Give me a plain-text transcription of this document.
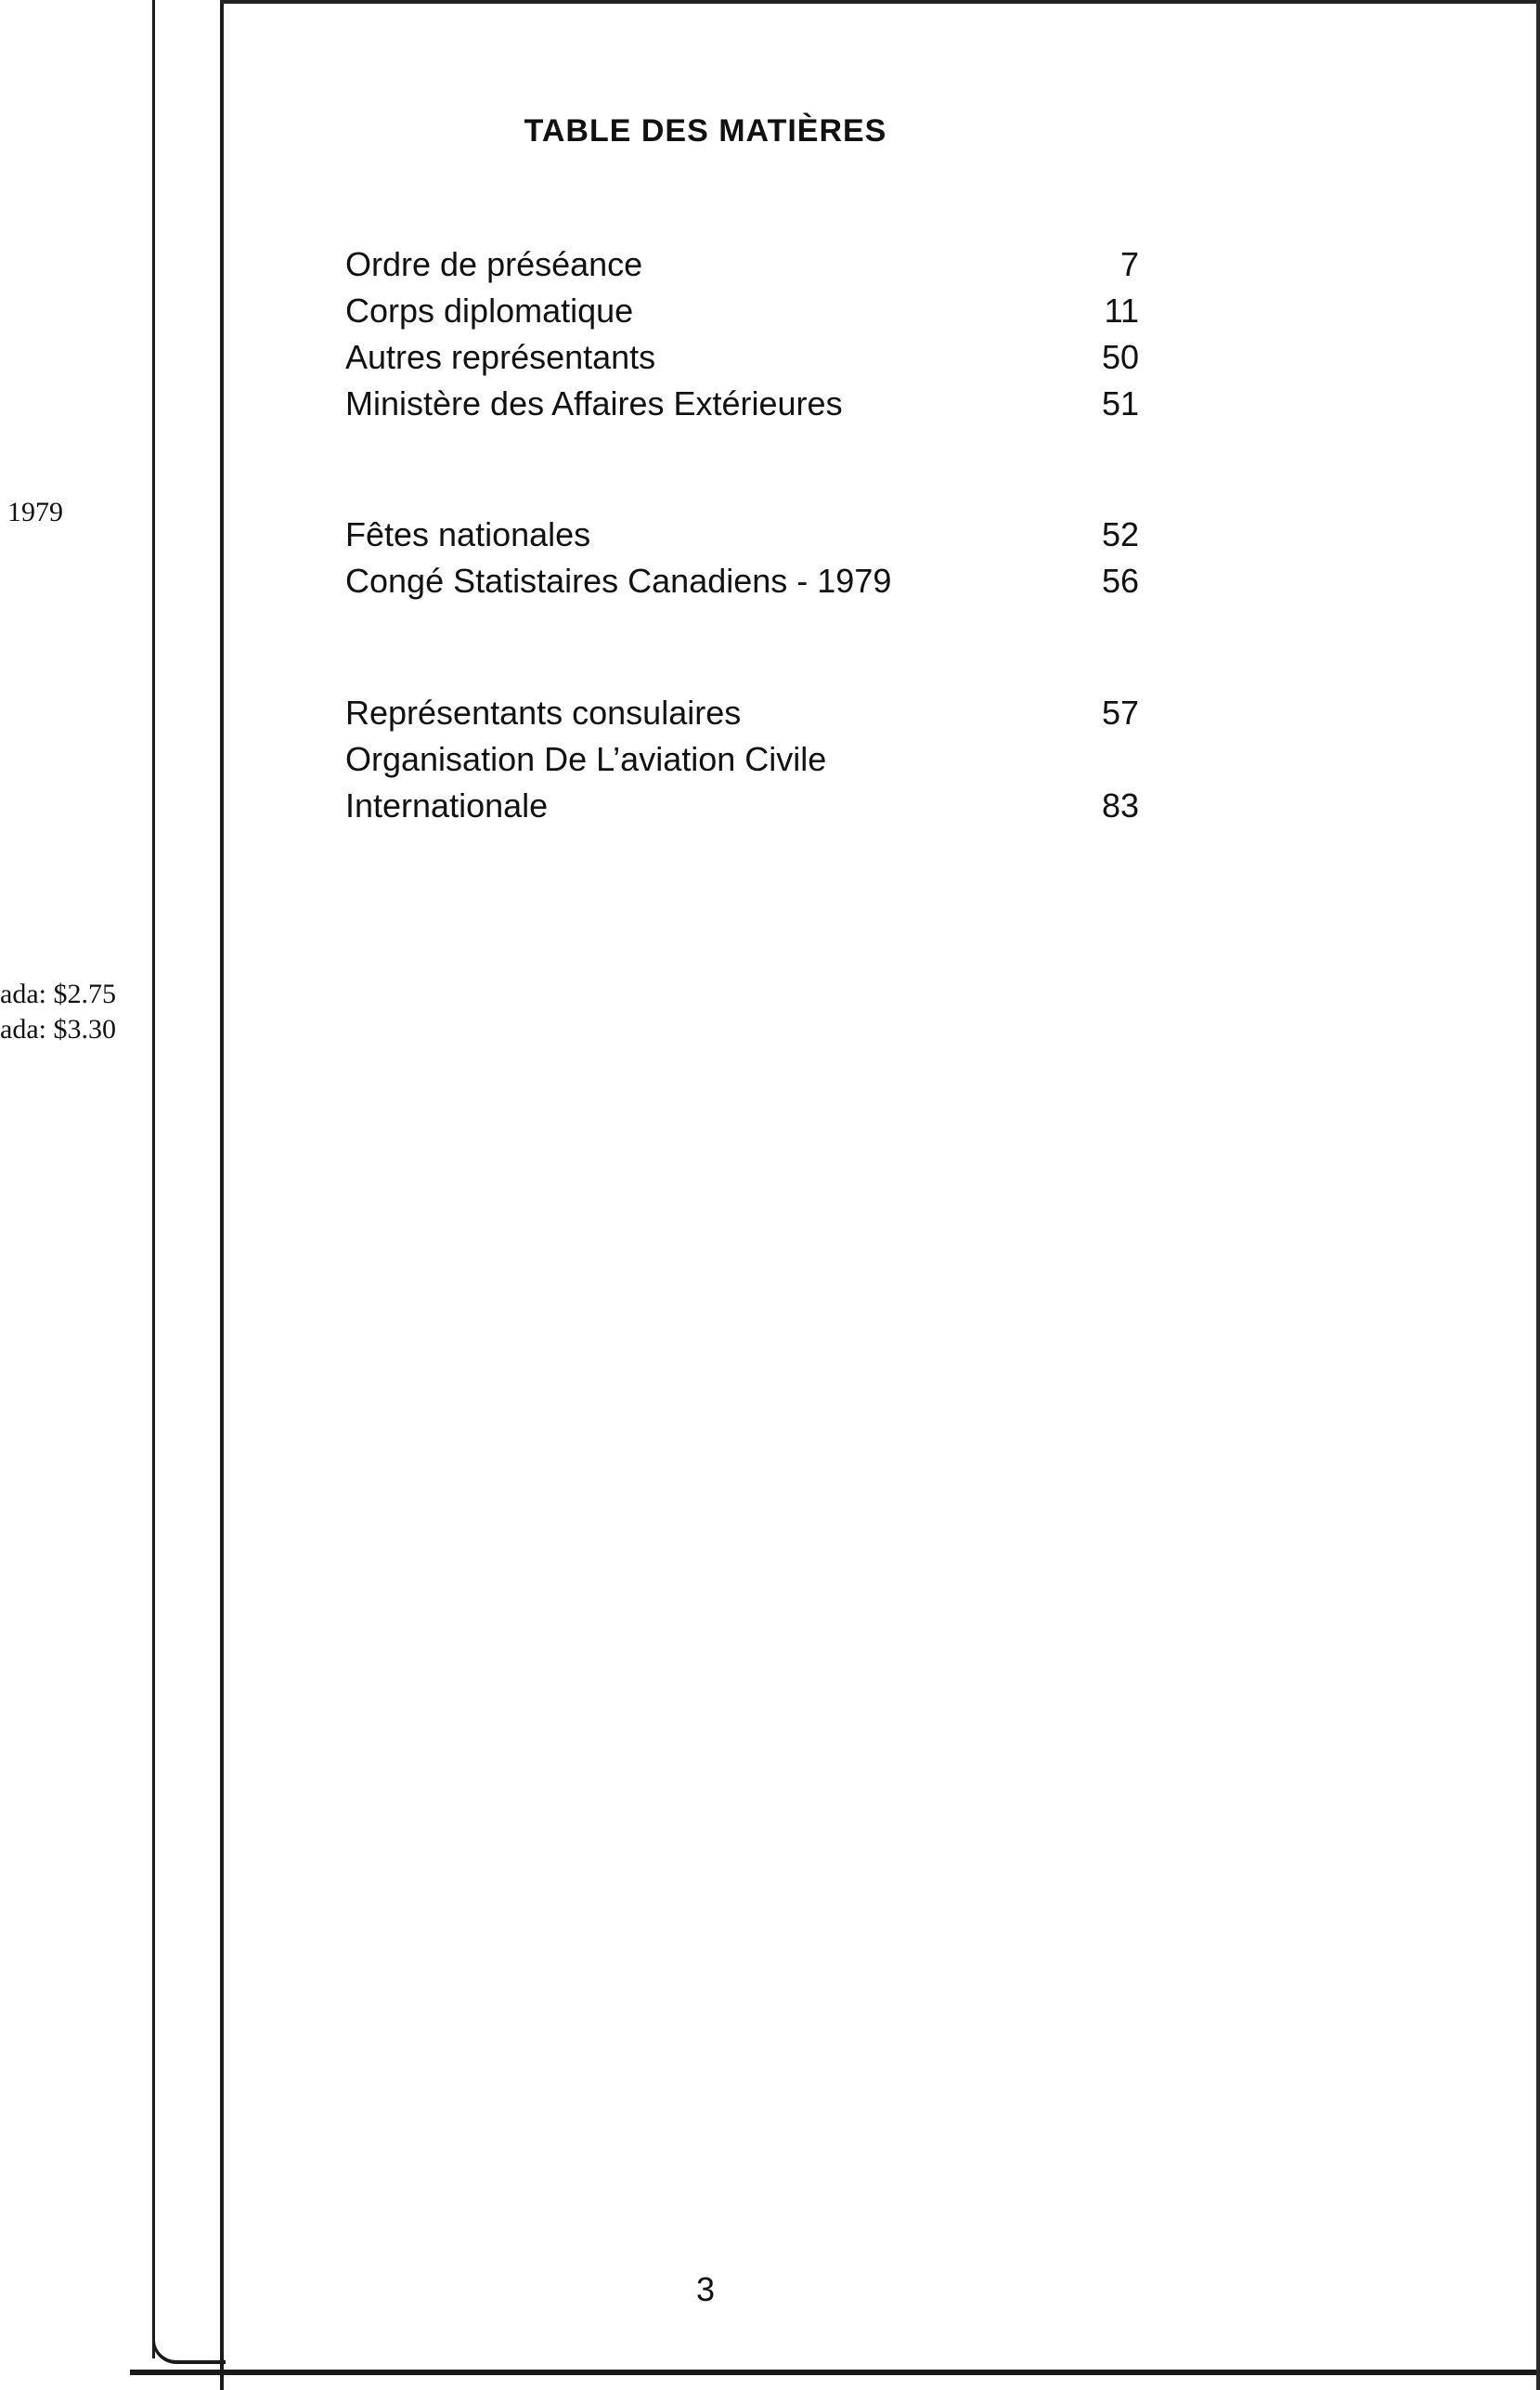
1979
ada: $2.75
ada: $3.30
TABLE DES MATIÈRES
Ordre de préséance	7
Corps diplomatique	11
Autres représentants	50
Ministère des Affaires Extérieures	51
Fêtes nationales	52
Congé Statistaires Canadiens - 1979	56
Représentants consulaires	57
Organisation De L’aviation Civile
Internationale	83
3
